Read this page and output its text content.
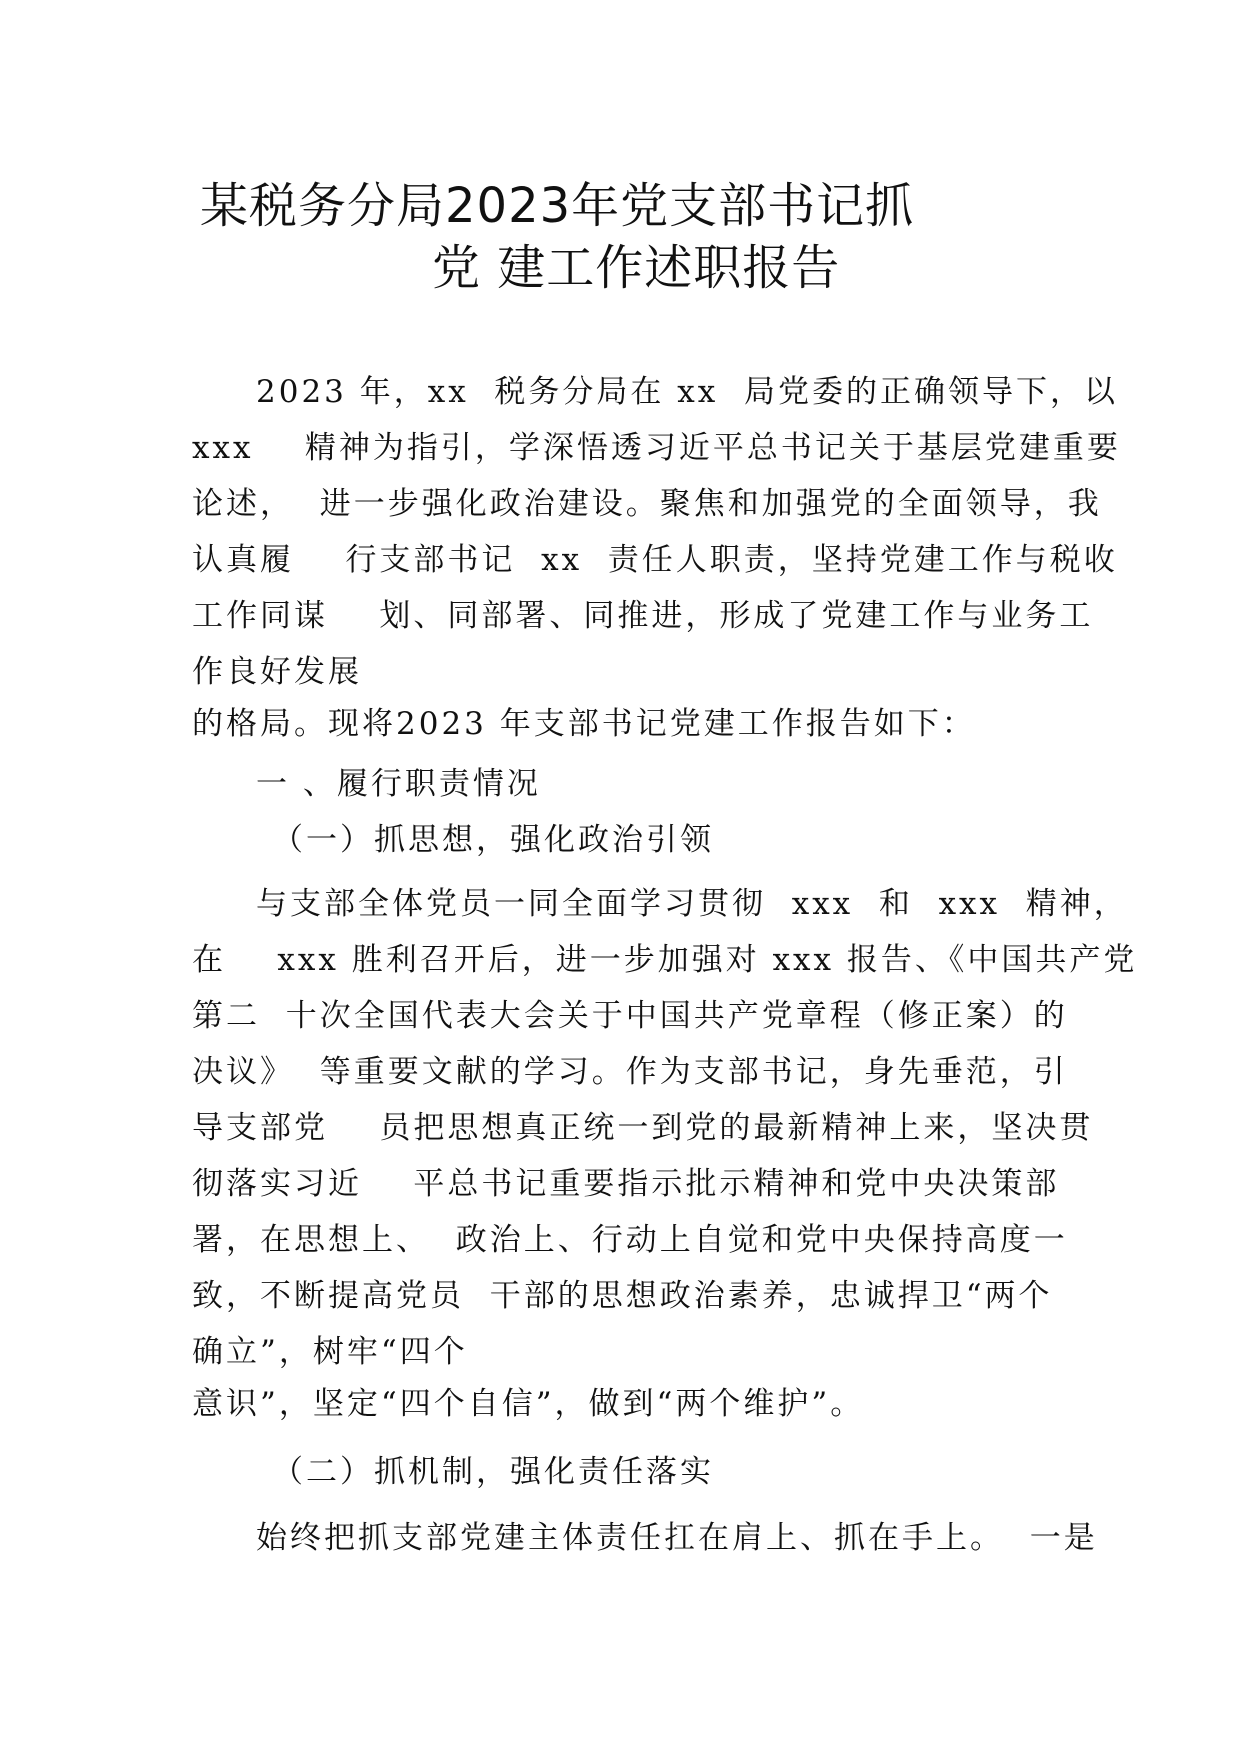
某税务分局2023年党支部书记抓
党 建工作述职报告

2023 年，xx  税务分局在 xx  局党委的正确领导下，以

xxx    精神为指引，学深悟透习近平总书记关于基层党建重要

论述，  进一步强化政治建设。聚焦和加强党的全面领导，我

认真履    行支部书记  xx  责任人职责，坚持党建工作与税收

工作同谋    划、同部署、同推进，形成了党建工作与业务工

作良好发展

的格局。现将2023 年支部书记党建工作报告如下：

一 、履行职责情况

（一）抓思想，强化政治引领

与支部全体党员一同全面学习贯彻  xxx  和  xxx  精神，

在    xxx 胜利召开后，进一步加强对 xxx 报告、《中国共产党

第二  十次全国代表大会关于中国共产党章程（修正案）的

决议》  等重要文献的学习。作为支部书记，身先垂范，引

导支部党    员把思想真正统一到党的最新精神上来，坚决贯

彻落实习近    平总书记重要指示批示精神和党中央决策部

署，在思想上、  政治上、行动上自觉和党中央保持高度一

致，不断提高党员  干部的思想政治素养，忠诚捍卫“两个

确立”，树牢“四个

意识”，坚定“四个自信”，做到“两个维护”。

（二）抓机制，强化责任落实

始终把抓支部党建主体责任扛在肩上、抓在手上。  一是
